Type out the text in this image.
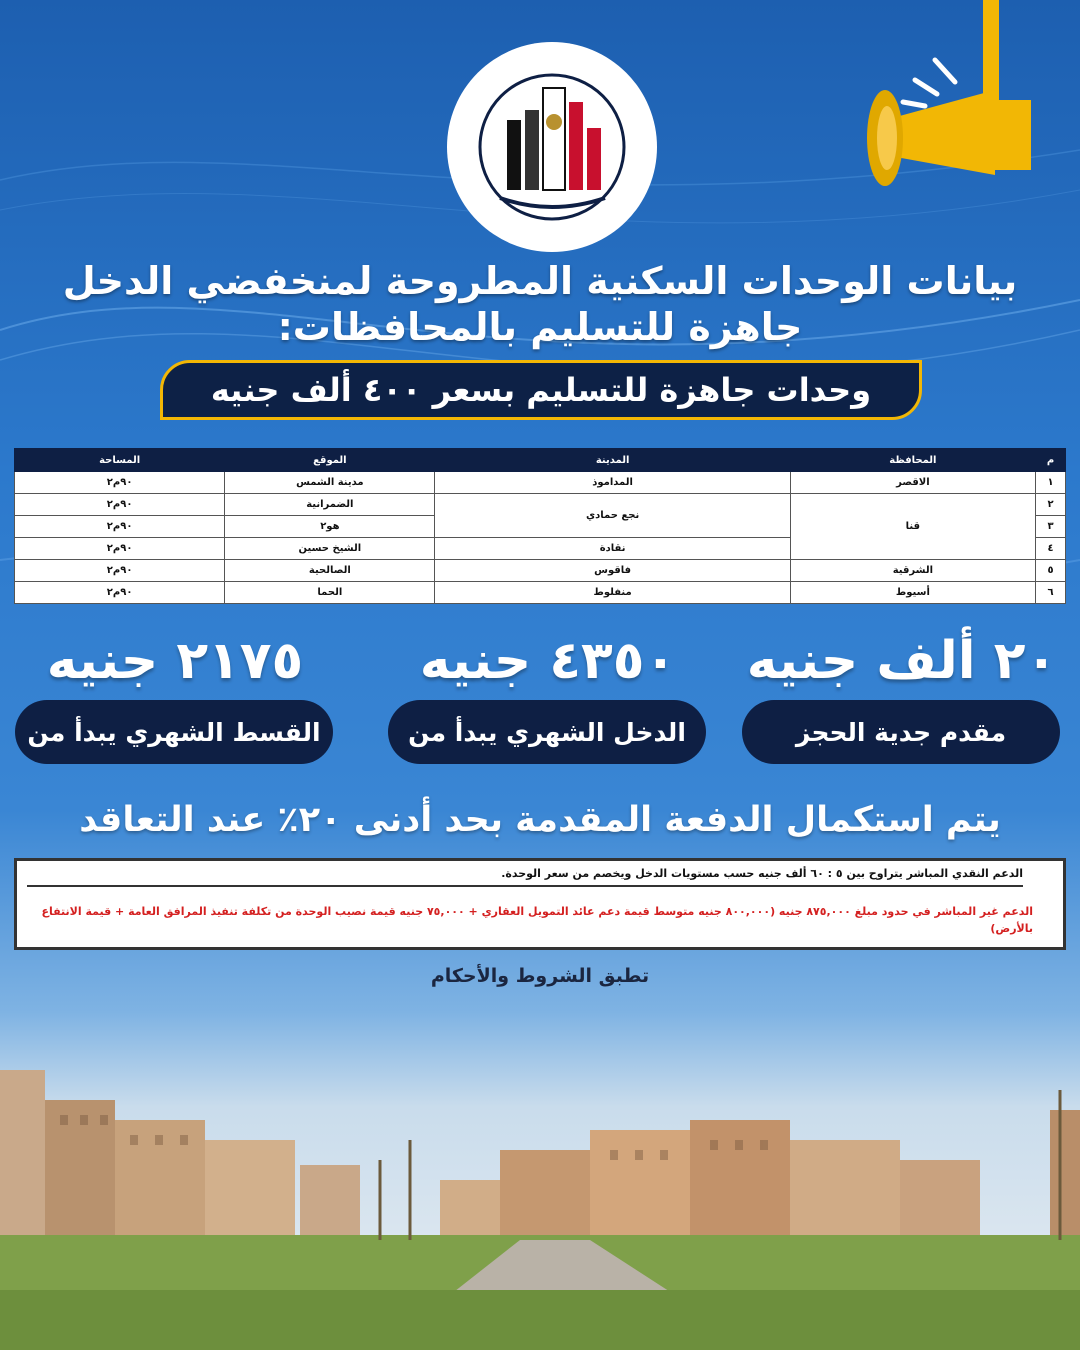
بيانات الوحدات السكنية المطروحة لمنخفضي الدخل
جاهزة للتسليم بالمحافظات:
وحدات جاهزة للتسليم بسعر ٤٠٠ ألف جنيه
م	المحافظة	المدينة	الموقع	المساحة
١	الاقصر	المداموذ	مدينة الشمس	٩٠م٢
٢	قنا	نجع حمادي	الضمرانية	٩٠م٢
٣			هو٢	٩٠م٢
٤		نقادة	الشيخ حسين	٩٠م٢
٥	الشرقية	فاقوس	الصالحية	٩٠م٢
٦	أسيوط	منفلوط	الحما	٩٠م٢
٢٠ ألف جنيه
مقدم جدية الحجز
٤٣٥٠ جنيه
الدخل الشهري يبدأ من
٢١٧٥ جنيه
القسط الشهري يبدأ من
يتم استكمال الدفعة المقدمة بحد أدنى ٢٠٪ عند التعاقد
الدعم النقدي المباشر يتراوح بين ٥ : ٦٠ ألف جنيه حسب مستويات الدخل ويخصم من سعر الوحدة.
الدعم غير المباشر في حدود مبلغ ٨٧٥,٠٠٠ جنيه (٨٠٠,٠٠٠ جنيه متوسط قيمة دعم عائد التمويل العقاري + ٧٥,٠٠٠ جنيه قيمة نصيب الوحدة من تكلفة تنفيذ المرافق العامة + قيمة الانتفاع بالأرض)
تطبق الشروط والأحكام
